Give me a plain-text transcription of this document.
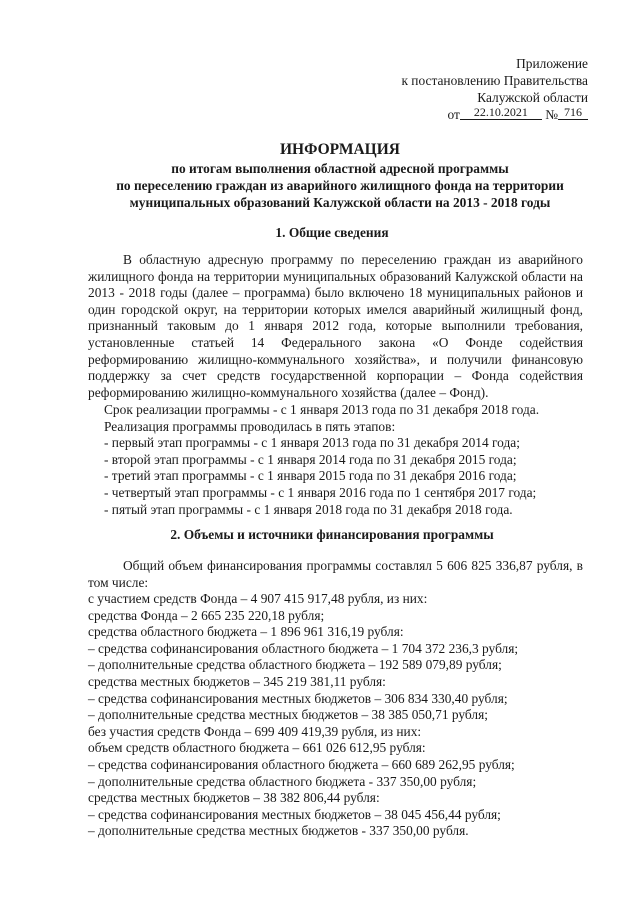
Приложение
к постановлению Правительства
Калужской области
от 22.10.2021 № 716
ИНФОРМАЦИЯ
по итогам выполнения областной адресной программы
по переселению граждан из аварийного жилищного фонда на территории
муниципальных образований Калужской области на 2013 - 2018 годы
1. Общие сведения
В областную адресную программу по переселению граждан из аварийного жилищного фонда на территории муниципальных образований Калужской области на 2013 - 2018 годы (далее – программа) было включено 18 муниципальных районов и один городской округ, на территории которых имелся аварийный жилищный фонд, признанный таковым до 1 января 2012 года, которые выполнили требования, установленные статьей 14 Федерального закона «О Фонде содействия реформированию жилищно-коммунального хозяйства», и получили финансовую поддержку за счет средств государственной корпорации – Фонда содействия реформированию жилищно-коммунального хозяйства (далее – Фонд).
Срок реализации программы - с 1 января 2013 года по 31 декабря 2018 года.
Реализация программы проводилась в пять этапов:
- первый этап программы - с 1 января 2013 года по 31 декабря 2014 года;
- второй этап программы - с 1 января 2014 года по 31 декабря 2015 года;
- третий этап программы - с 1 января 2015 года по 31 декабря 2016 года;
- четвертый этап программы - с 1 января 2016 года по 1 сентября 2017 года;
- пятый этап программы - с 1 января 2018 года по 31 декабря 2018 года.
2. Объемы и источники финансирования программы
Общий объем финансирования программы составлял 5 606 825 336,87 рубля, в том числе:
с участием средств Фонда – 4 907 415 917,48 рубля, из них:
средства Фонда – 2 665 235 220,18 рубля;
средства областного бюджета – 1 896 961 316,19 рубля:
– средства софинансирования областного бюджета – 1 704 372 236,3 рубля;
– дополнительные средства областного бюджета – 192 589 079,89 рубля;
средства местных бюджетов – 345 219 381,11 рубля:
– средства софинансирования местных бюджетов – 306 834 330,40 рубля;
– дополнительные средства местных бюджетов – 38 385 050,71 рубля;
без участия средств Фонда – 699 409 419,39 рубля, из них:
объем средств областного бюджета – 661 026 612,95 рубля:
– средства софинансирования областного бюджета – 660 689 262,95 рубля;
– дополнительные средства областного бюджета - 337 350,00 рубля;
средства местных бюджетов – 38 382 806,44 рубля:
– средства софинансирования местных бюджетов – 38 045 456,44 рубля;
– дополнительные средства местных бюджетов - 337 350,00 рубля.
